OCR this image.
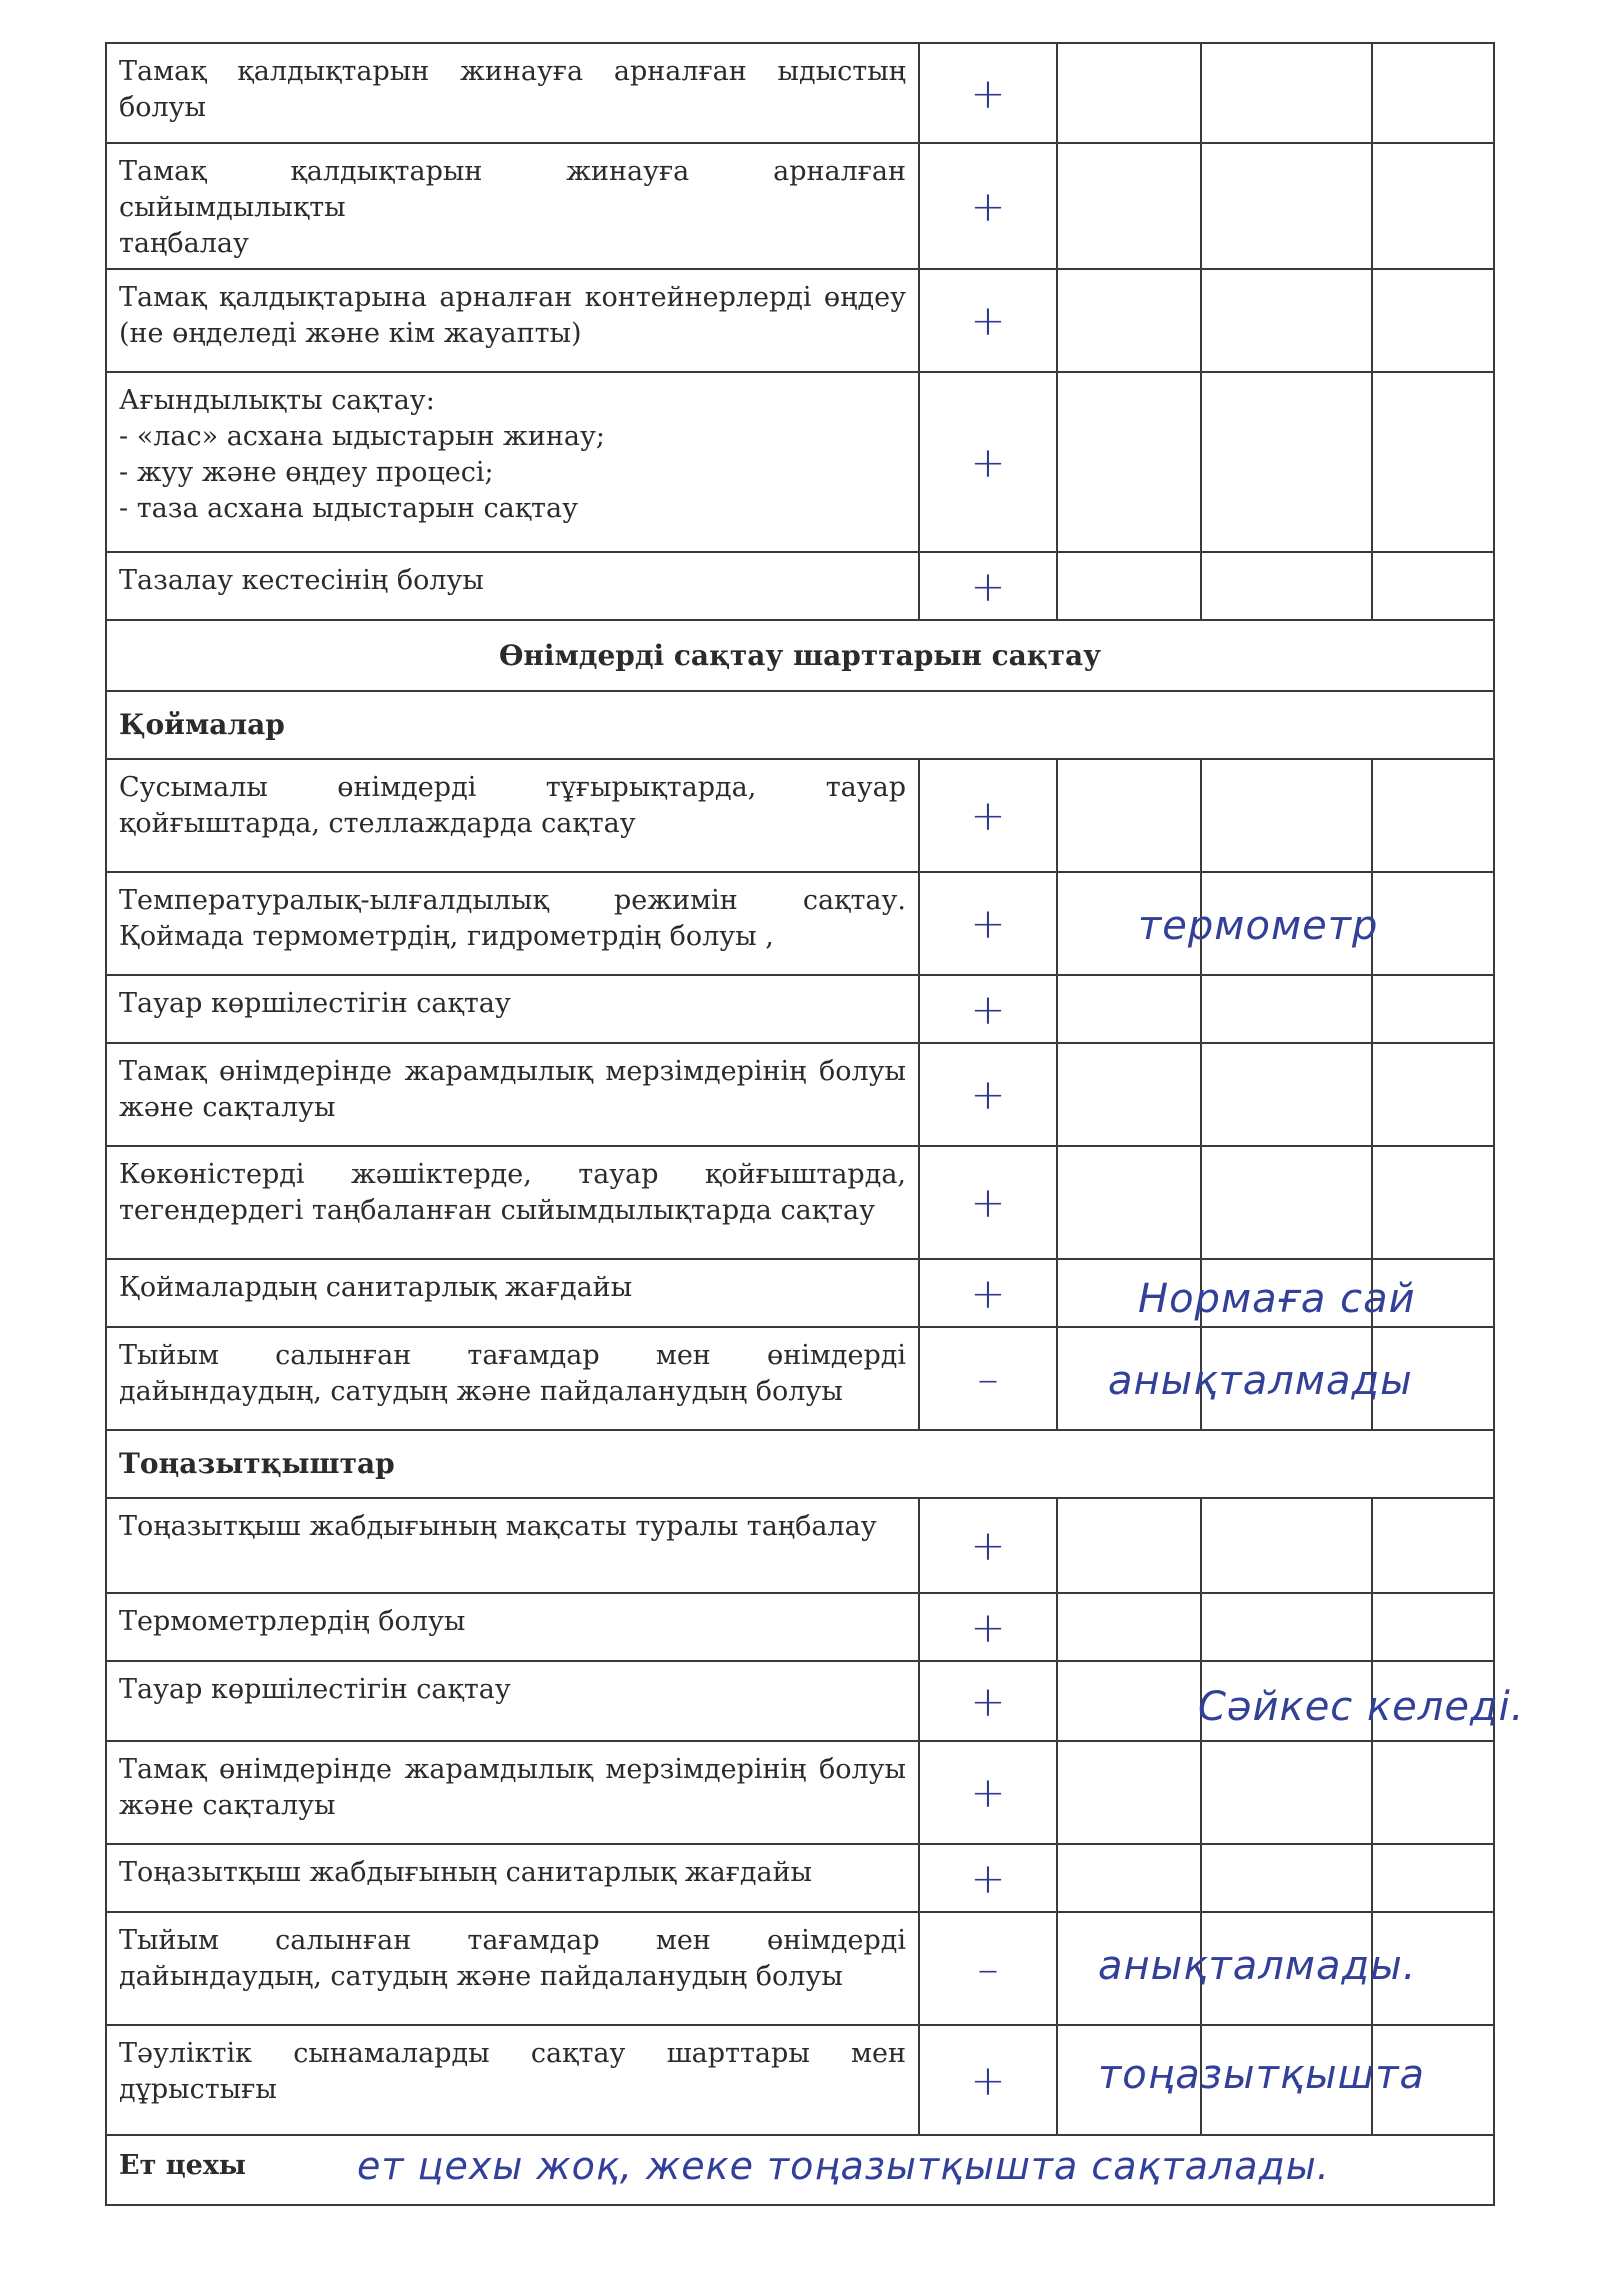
Тамақ қалдықтарын жинауға арналған ыдыстың болуы	+			

Тамақ қалдықтарын жинауға арналған сыйымдылықты
таңбалау	+			

Тамақ қалдықтарына арналған контейнерлерді өңдеу
(не өңделеді және кім жауапты)	+			

Ағындылықты сақтау:
- «лас» асхана ыдыстарын жинау;
- жуу және өңдеу процесі;
- таза асхана ыдыстарын сақтау	+			

Тазалау кестесінің болуы	+			
Өнімдерді сақтау шарттарын сақтау				
Қоймалар				

Сусымалы өнімдерді тұғырықтарда, тауар
қойғыштарда, стеллаждарда сақтау	+			

Температуралық-ылғалдылық режимін сақтау.
Қоймада термометрдің, гидрометрдің болуы ,	+	термометр		

Тауар көршілестігін сақтау	+			

Тамақ өнімдерінде жарамдылық мерзімдерінің болуы
және сақталуы	+			

Көкөністерді жәшіктерде, тауар қойғыштарда,
тегендердегі таңбаланған сыйымдылықтарда сақтау	+			

Қоймалардың санитарлық жағдайы	+	Нормаға сай		

Тыйым салынған тағамдар мен өнімдерді
дайындаудың, сатудың және пайдаланудың болуы	–	анықталмады		

Тоңазытқыштар				

Тоңазытқыш жабдығының мақсаты туралы таңбалау	+			

Термометрлердің болуы	+			

Тауар көршілестігін сақтау	+	Сәйкес келеді.		

Тамақ өнімдерінде жарамдылық мерзімдерінің болуы
және сақталуы	+			

Тоңазытқыш жабдығының санитарлық жағдайы	+			

Тыйым салынған тағамдар мен өнімдерді
дайындаудың, сатудың және пайдаланудың болуы	–	анықталмады.		

Тәуліктік сынамаларды сақтау шарттары мен
дұрыстығы	+	тоңазытқышта		

Ет цехы ет цехы жоқ, жеке тоңазытқышта сақталады.				
